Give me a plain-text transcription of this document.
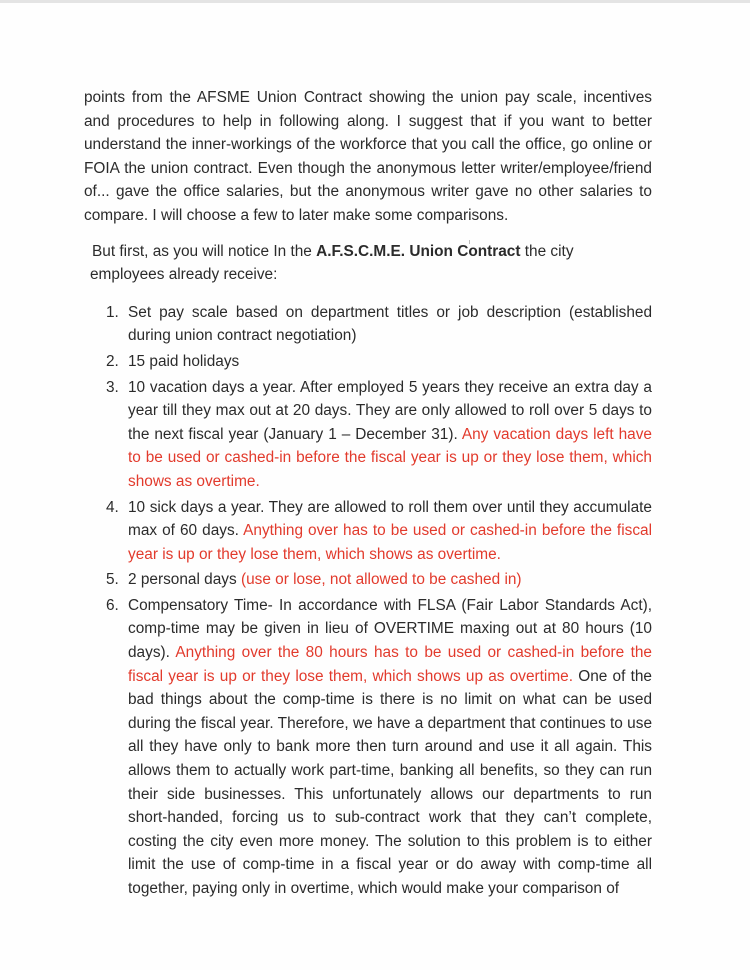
points from the AFSME Union Contract showing the union pay scale, incentives and procedures to help in following along. I suggest that if you want to better understand the inner-workings of the workforce that you call the office, go online or FOIA the union contract. Even though the anonymous letter writer/employee/friend of... gave the office salaries, but the anonymous writer gave no other salaries to compare. I will choose a few to later make some comparisons.

But first, as you will notice In the A.F.S.C.M.E. Union Contract the city employees already receive:

1. Set pay scale based on department titles or job description (established during union contract negotiation)
2. 15 paid holidays
3. 10 vacation days a year. After employed 5 years they receive an extra day a year till they max out at 20 days. They are only allowed to roll over 5 days to the next fiscal year (January 1 – December 31). Any vacation days left have to be used or cashed-in before the fiscal year is up or they lose them, which shows as overtime.
4. 10 sick days a year. They are allowed to roll them over until they accumulate max of 60 days. Anything over has to be used or cashed-in before the fiscal year is up or they lose them, which shows as overtime.
5. 2 personal days (use or lose, not allowed to be cashed in)
6. Compensatory Time- In accordance with FLSA (Fair Labor Standards Act), comp-time may be given in lieu of OVERTIME maxing out at 80 hours (10 days). Anything over the 80 hours has to be used or cashed-in before the fiscal year is up or they lose them, which shows up as overtime. One of the bad things about the comp-time is there is no limit on what can be used during the fiscal year. Therefore, we have a department that continues to use all they have only to bank more then turn around and use it all again. This allows them to actually work part-time, banking all benefits, so they can run their side businesses. This unfortunately allows our departments to run short-handed, forcing us to sub-contract work that they can’t complete, costing the city even more money. The solution to this problem is to either limit the use of comp-time in a fiscal year or do away with comp-time all together, paying only in overtime, which would make your comparison of
